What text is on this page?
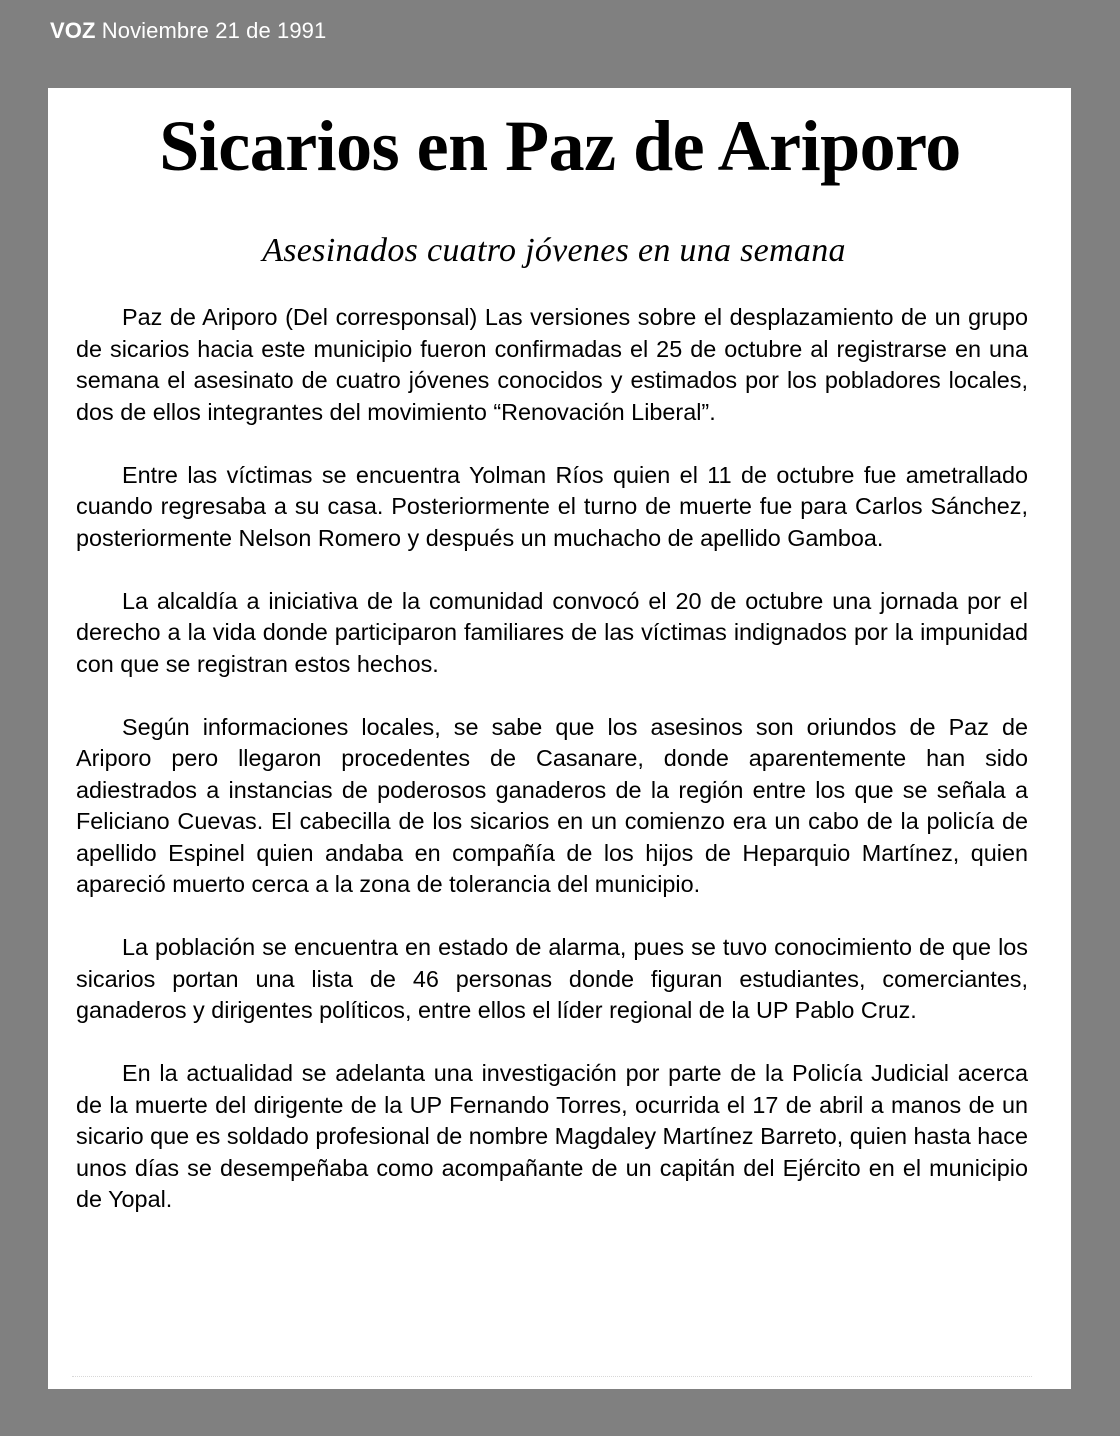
VOZ Noviembre 21 de 1991
Sicarios en Paz de Ariporo
Asesinados cuatro jóvenes en una semana

Paz de Ariporo (Del corresponsal) Las versiones sobre el desplazamiento de un grupo de sicarios hacia este municipio fueron confirmadas el 25 de octubre al registrarse en una semana el asesinato de cuatro jóvenes conocidos y estimados por los pobladores locales, dos de ellos integrantes del movimiento “Renovación Liberal”.

Entre las víctimas se encuentra Yolman Ríos quien el 11 de octubre fue ametrallado cuando regresaba a su casa. Posteriormente el turno de muerte fue para Carlos Sánchez, posteriormente Nelson Romero y después un muchacho de apellido Gamboa.

La alcaldía a iniciativa de la comunidad convocó el 20 de octubre una jornada por el derecho a la vida donde participaron familiares de las víctimas indignados por la impunidad con que se registran estos hechos.

Según informaciones locales, se sabe que los asesinos son oriundos de Paz de Ariporo pero llegaron procedentes de Casanare, donde aparentemente han sido adiestrados a instancias de poderosos ganaderos de la región entre los que se señala a Feliciano Cuevas. El cabecilla de los sicarios en un comienzo era un cabo de la policía de apellido Espinel quien andaba en compañía de los hijos de Heparquio Martínez, quien apareció muerto cerca a la zona de tolerancia del municipio.

La población se encuentra en estado de alarma, pues se tuvo conocimiento de que los sicarios portan una lista de 46 personas donde figuran estudiantes, comerciantes, ganaderos y dirigentes políticos, entre ellos el líder regional de la UP Pablo Cruz.

En la actualidad se adelanta una investigación por parte de la Policía Judicial acerca de la muerte del dirigente de la UP Fernando Torres, ocurrida el 17 de abril a manos de un sicario que es soldado profesional de nombre Magdaley Martínez Barreto, quien hasta hace unos días se desempeñaba como acompañante de un capitán del Ejército en el municipio de Yopal.
